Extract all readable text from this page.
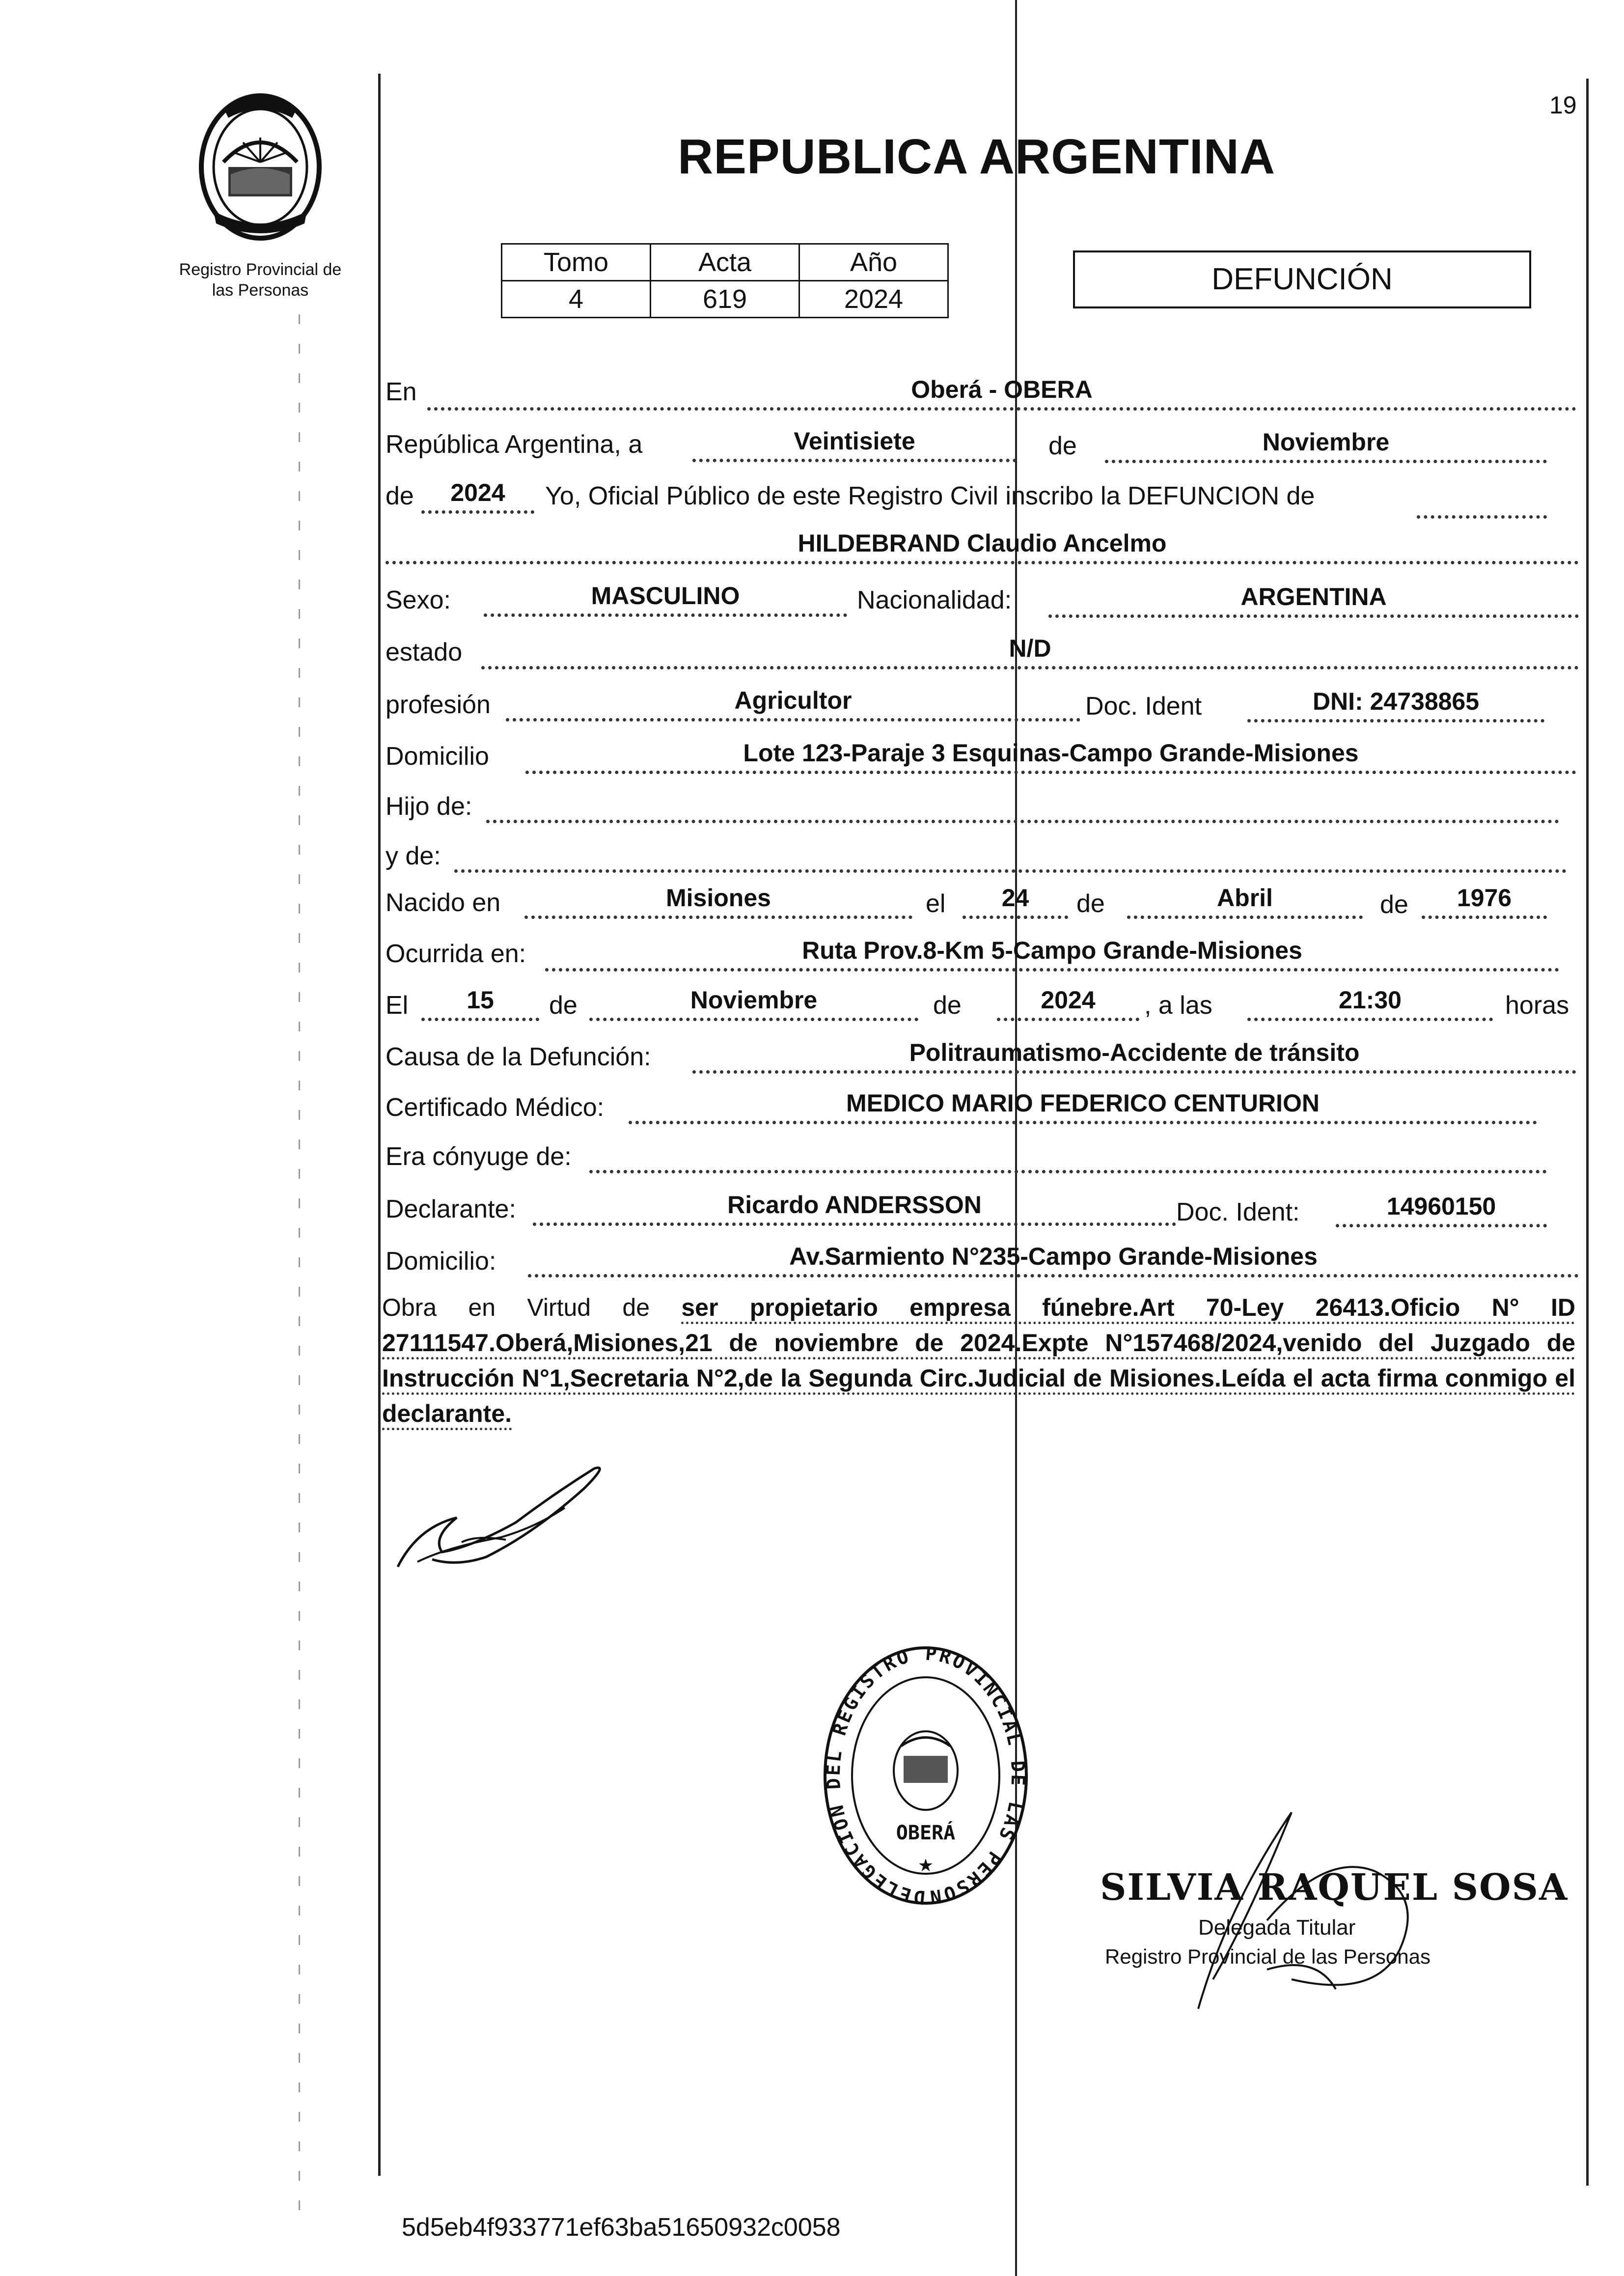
19
Registro Provincial de
las Personas
REPUBLICA ARGENTINA
Tomo	Acta	Año
4	619	2024
DEFUNCIÓN
En	Oberá - OBERA
República Argentina, a	Veintisiete	de	Noviembre
de	2024	Yo, Oficial Público de este Registro Civil inscribo la DEFUNCION de
HILDEBRAND Claudio Ancelmo
Sexo:	MASCULINO	Nacionalidad:	ARGENTINA
estado	N/D
profesión	Agricultor	Doc. Ident	DNI: 24738865
Domicilio	Lote 123-Paraje 3 Esquinas-Campo Grande-Misiones
Hijo de:
y de:
Nacido en	Misiones	el	24	de	Abril	de	1976
Ocurrida en:	Ruta Prov.8-Km 5-Campo Grande-Misiones
El	15	de	Noviembre	de	2024	, a las	21:30	horas
Causa de la Defunción:	Politraumatismo-Accidente de tránsito
Certificado Médico:	MEDICO MARIO FEDERICO CENTURION
Era cónyuge de:
Declarante:	Ricardo ANDERSSON	Doc. Ident:	14960150
Domicilio:	Av.Sarmiento N°235-Campo Grande-Misiones
Obra en Virtud de ser propietario empresa fúnebre.Art 70-Ley 26413.Oficio N° ID 27111547.Oberá,Misiones,21 de noviembre de 2024.Expte N°157468/2024,venido del Juzgado de Instrucción N°1,Secretaria N°2,de la Segunda Circ.Judicial de Misiones.Leída el acta firma conmigo el declarante.
DELEGACION DEL REGISTRO PROVINCIAL DE LAS PERSON
OBERÁ
★
SILVIA RAQUEL SOSA
Delegada Titular
Registro Provincial de las Personas
5d5eb4f933771ef63ba51650932c0058
